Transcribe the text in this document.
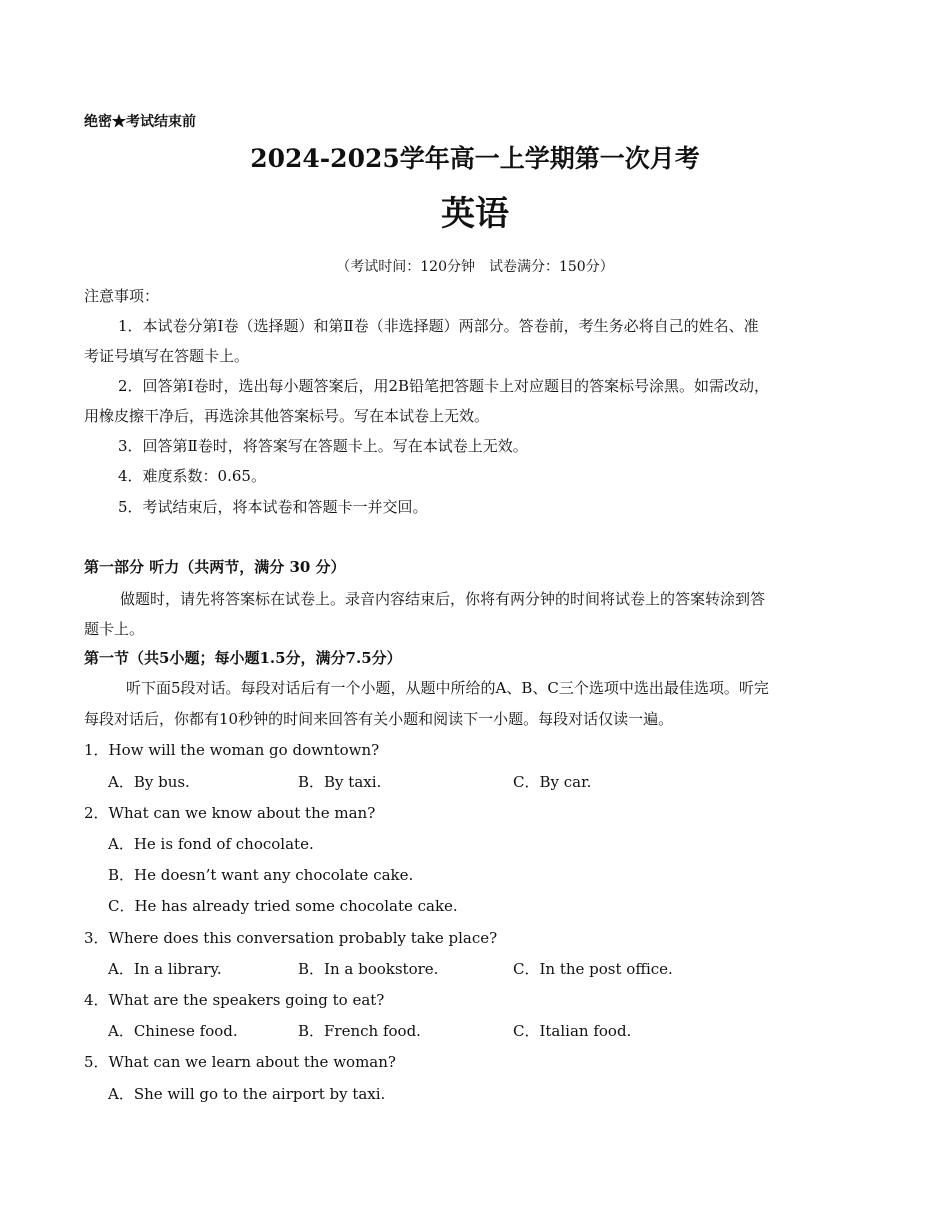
绝密★考试结束前
2024-2025学年高一上学期第一次月考
英语
（考试时间：120分钟　试卷满分：150分）
注意事项：
1．本试卷分第Ⅰ卷（选择题）和第Ⅱ卷（非选择题）两部分。答卷前，考生务必将自己的姓名、准
考证号填写在答题卡上。
2．回答第Ⅰ卷时，选出每小题答案后，用2B铅笔把答题卡上对应题目的答案标号涂黑。如需改动，
用橡皮擦干净后，再选涂其他答案标号。写在本试卷上无效。
3．回答第Ⅱ卷时，将答案写在答题卡上。写在本试卷上无效。
4．难度系数：0.65。
5．考试结束后，将本试卷和答题卡一并交回。
第一部分 听力（共两节，满分 30 分）
做题时，请先将答案标在试卷上。录音内容结束后，你将有两分钟的时间将试卷上的答案转涂到答
题卡上。
第一节（共5小题；每小题1.5分，满分7.5分）
听下面5段对话。每段对话后有一个小题，从题中所给的A、B、C三个选项中选出最佳选项。听完
每段对话后，你都有10秒钟的时间来回答有关小题和阅读下一小题。每段对话仅读一遍。
1．How will the woman go downtown?
A．By bus.	B．By taxi.	C．By car.
2．What can we know about the man?
A．He is fond of chocolate.
B．He doesn’t want any chocolate cake.
C．He has already tried some chocolate cake.
3．Where does this conversation probably take place?
A．In a library.	B．In a bookstore.	C．In the post office.
4．What are the speakers going to eat?
A．Chinese food.	B．French food.	C．Italian food.
5．What can we learn about the woman?
A．She will go to the airport by taxi.
